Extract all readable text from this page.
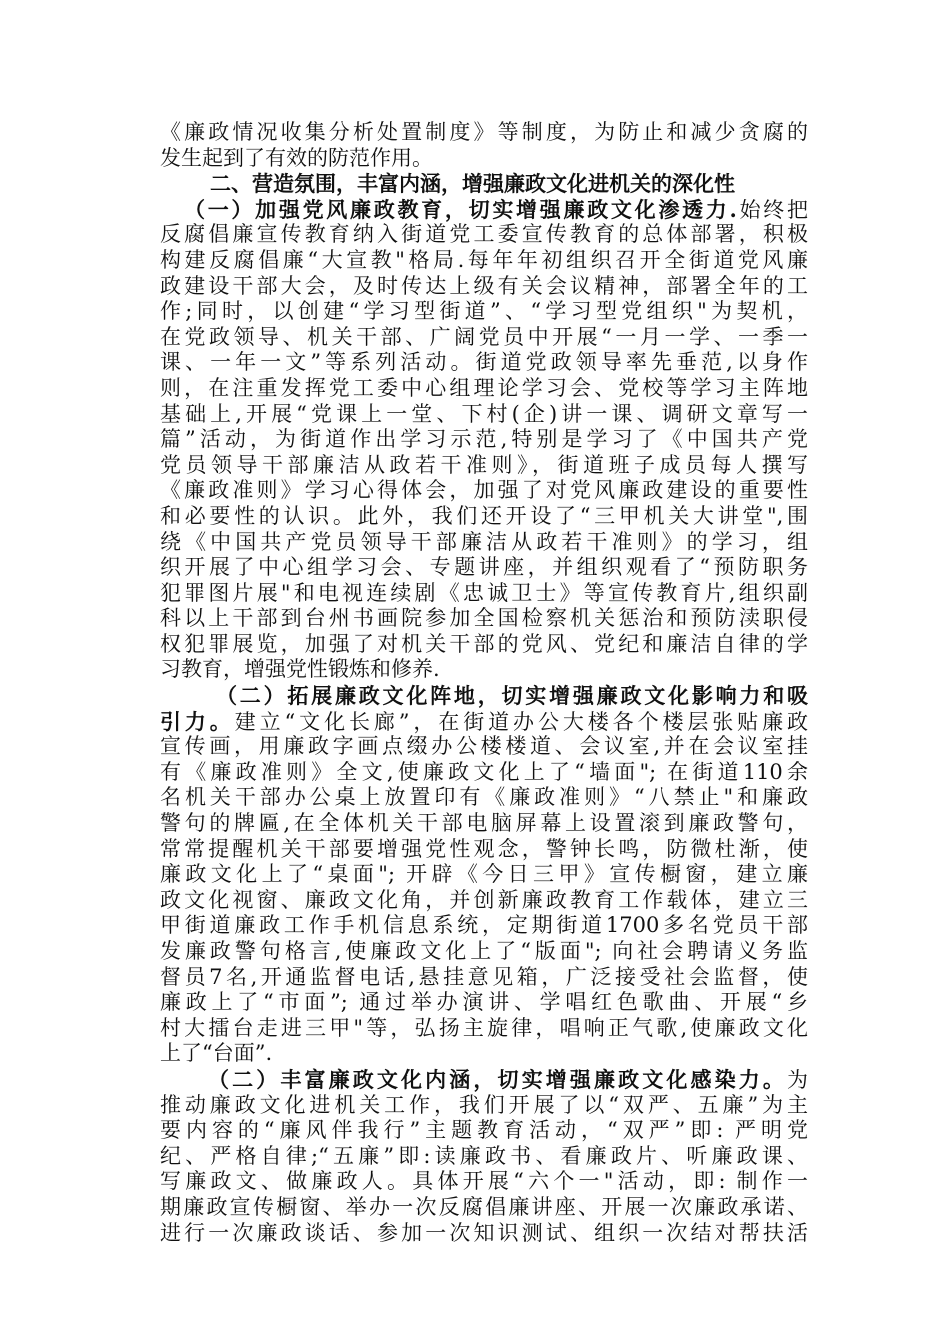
《廉政情况收集分析处置制度》等制度，为防止和减少贪腐的
发生起到了有效的防范作用。
二、营造氛围，丰富内涵，增强廉政文化进机关的深化性
（一）加强党风廉政教育，切实增强廉政文化渗透力.始终把
反腐倡廉宣传教育纳入街道党工委宣传教育的总体部署，积极
构建反腐倡廉“大宣教"格局.每年年初组织召开全街道党风廉
政建设干部大会，及时传达上级有关会议精神，部署全年的工
作;同时，以创建“学习型街道”、“学习型党组织"为契机，
在党政领导、机关干部、广阔党员中开展“一月一学、一季一
课、一年一文”等系列活动。街道党政领导率先垂范,以身作
则，在注重发挥党工委中心组理论学习会、党校等学习主阵地
基础上,开展“党课上一堂、下村(企)讲一课、调研文章写一
篇”活动，为街道作出学习示范,特别是学习了《中国共产党
党员领导干部廉洁从政若干准则》，街道班子成员每人撰写
《廉政准则》学习心得体会，加强了对党风廉政建设的重要性
和必要性的认识。此外，我们还开设了“三甲机关大讲堂",围
绕《中国共产党员领导干部廉洁从政若干准则》的学习，组
织开展了中心组学习会、专题讲座，并组织观看了“预防职务
犯罪图片展"和电视连续剧《忠诚卫士》等宣传教育片,组织副
科以上干部到台州书画院参加全国检察机关惩治和预防渎职侵
权犯罪展览，加强了对机关干部的党风、党纪和廉洁自律的学
习教育，增强党性锻炼和修养.
（二）拓展廉政文化阵地，切实增强廉政文化影响力和吸
引力。建立“文化长廊”，在街道办公大楼各个楼层张贴廉政
宣传画，用廉政字画点缀办公楼楼道、会议室,并在会议室挂
有《廉政准则》全文,使廉政文化上了“墙面"; 在街道110余
名机关干部办公桌上放置印有《廉政准则》“八禁止"和廉政
警句的牌匾,在全体机关干部电脑屏幕上设置滚到廉政警句，
常常提醒机关干部要增强党性观念，警钟长鸣，防微杜渐，使
廉政文化上了“桌面"; 开辟《今日三甲》宣传橱窗，建立廉
政文化视窗、廉政文化角，并创新廉政教育工作载体，建立三
甲街道廉政工作手机信息系统，定期街道1700多名党员干部
发廉政警句格言,使廉政文化上了“版面"; 向社会聘请义务监
督员7名,开通监督电话,悬挂意见箱，广泛接受社会监督，使
廉政上了“市面”; 通过举办演讲、学唱红色歌曲、开展“乡
村大擂台走进三甲"等，弘扬主旋律，唱响正气歌,使廉政文化
上了“台面”.
（二）丰富廉政文化内涵，切实增强廉政文化感染力。为
推动廉政文化进机关工作，我们开展了以“双严、五廉”为主
要内容的“廉风伴我行”主题教育活动，“双严”即: 严明党
纪、严格自律;“五廉”即:读廉政书、看廉政片、听廉政课、
写廉政文、做廉政人。具体开展“六个一"活动，即: 制作一
期廉政宣传橱窗、举办一次反腐倡廉讲座、开展一次廉政承诺、
进行一次廉政谈话、参加一次知识测试、组织一次结对帮扶活
